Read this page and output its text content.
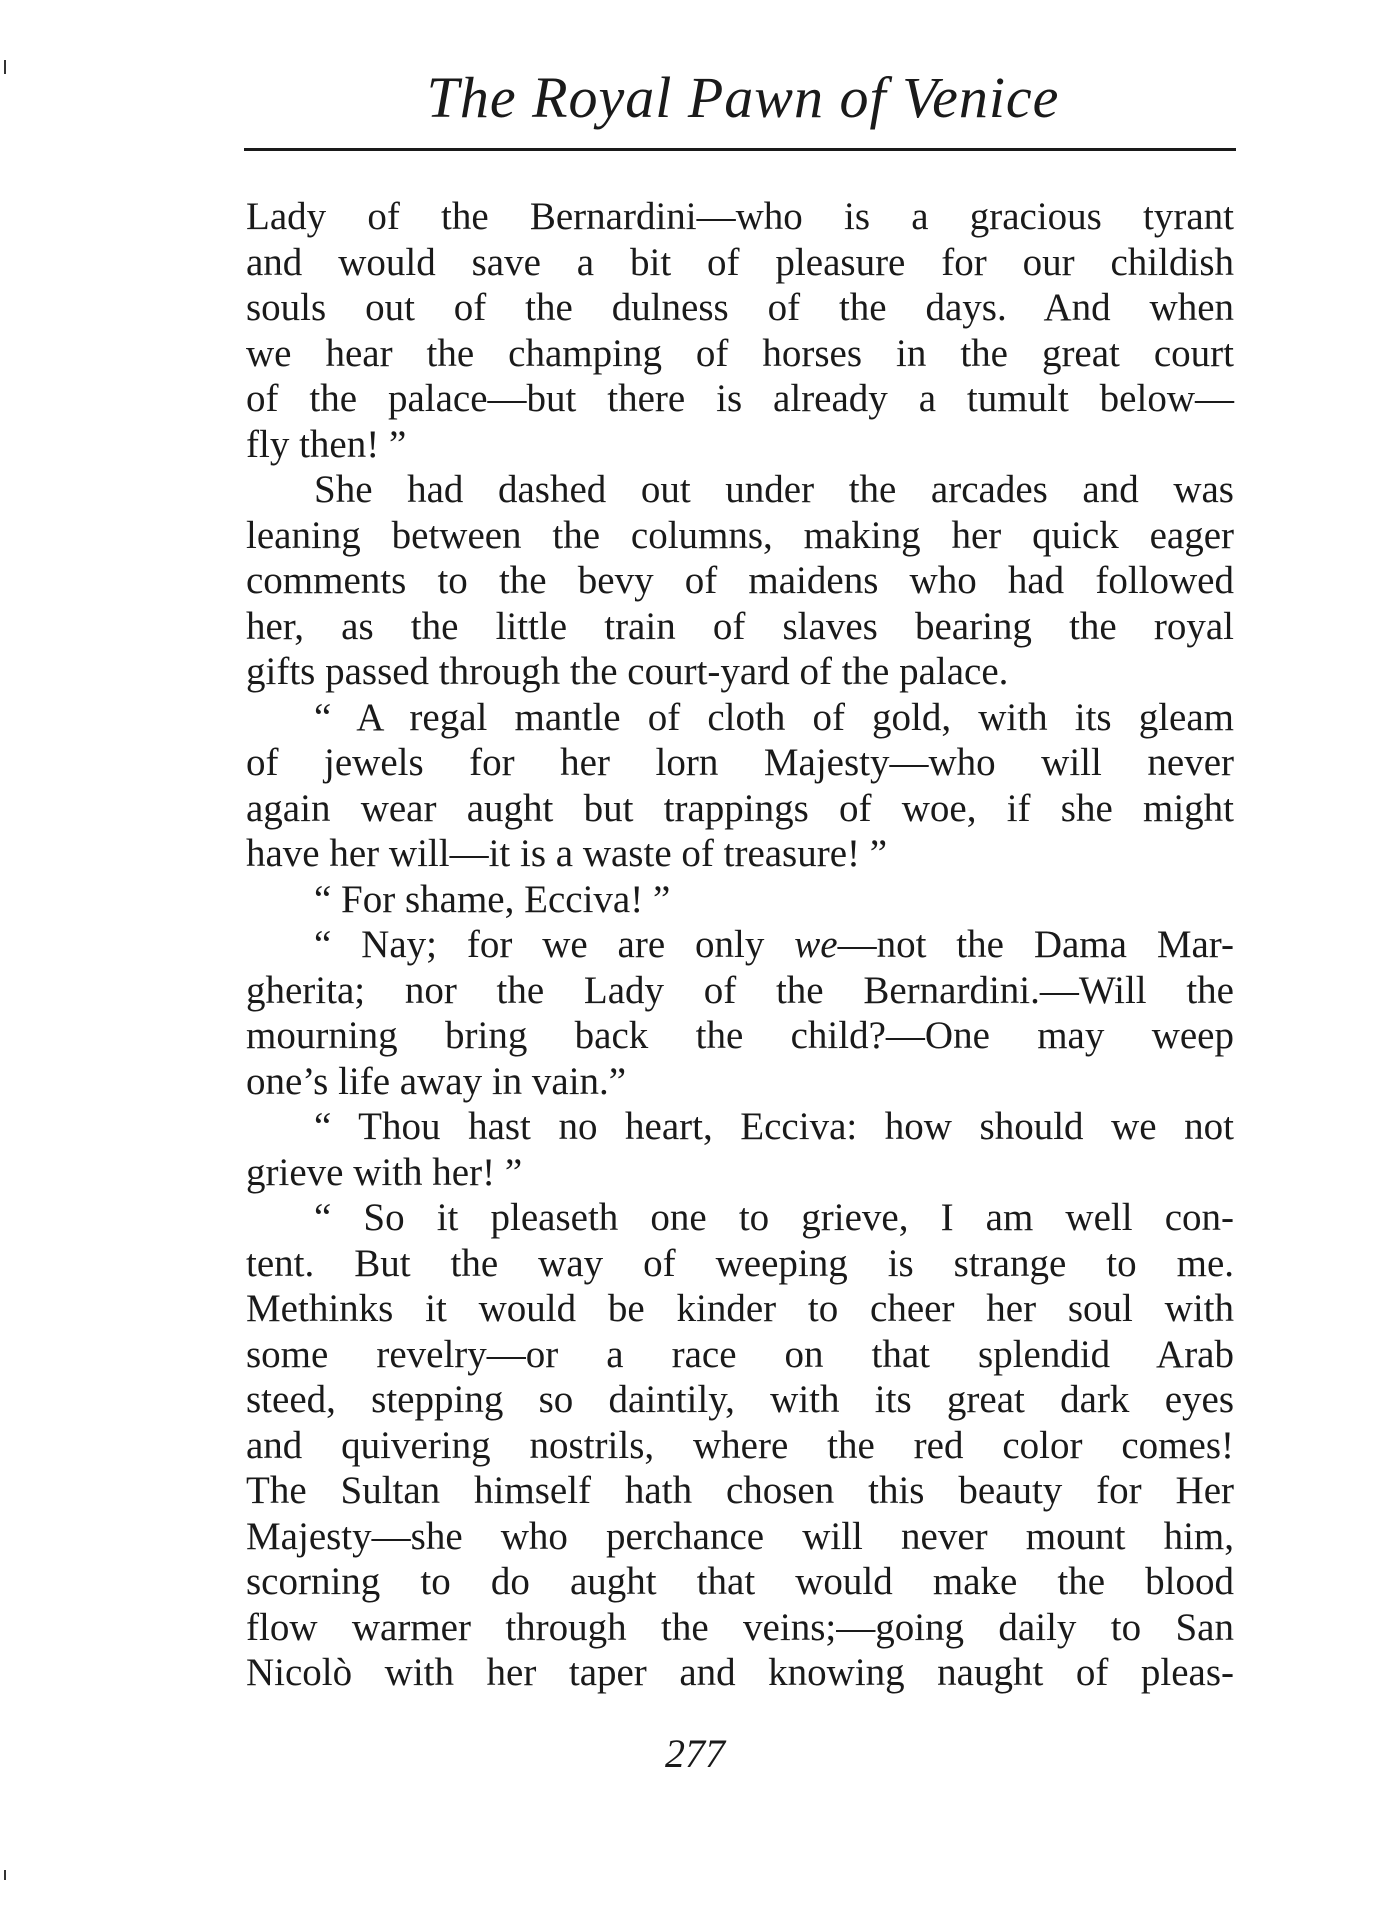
The Royal Pawn of Venice
Lady of the Bernardini—who is a gracious tyrant
and would save a bit of pleasure for our childish
souls out of the dulness of the days. And when
we hear the champing of horses in the great court
of the palace—but there is already a tumult below—
fly then! ”
She had dashed out under the arcades and was
leaning between the columns, making her quick eager
comments to the bevy of maidens who had followed
her, as the little train of slaves bearing the royal
gifts passed through the court-yard of the palace.
“ A regal mantle of cloth of gold, with its gleam
of jewels for her lorn Majesty—who will never
again wear aught but trappings of woe, if she might
have her will—it is a waste of treasure! ”
“ For shame, Ecciva! ”
“ Nay; for we are only we—not the Dama Mar-
gherita; nor the Lady of the Bernardini.—Will the
mourning bring back the child?—One may weep
one’s life away in vain.”
“ Thou hast no heart, Ecciva: how should we not
grieve with her! ”
“ So it pleaseth one to grieve, I am well con-
tent. But the way of weeping is strange to me.
Methinks it would be kinder to cheer her soul with
some revelry—or a race on that splendid Arab
steed, stepping so daintily, with its great dark eyes
and quivering nostrils, where the red color comes!
The Sultan himself hath chosen this beauty for Her
Majesty—she who perchance will never mount him,
scorning to do aught that would make the blood
flow warmer through the veins;—going daily to San
Nicolò with her taper and knowing naught of pleas-
277
